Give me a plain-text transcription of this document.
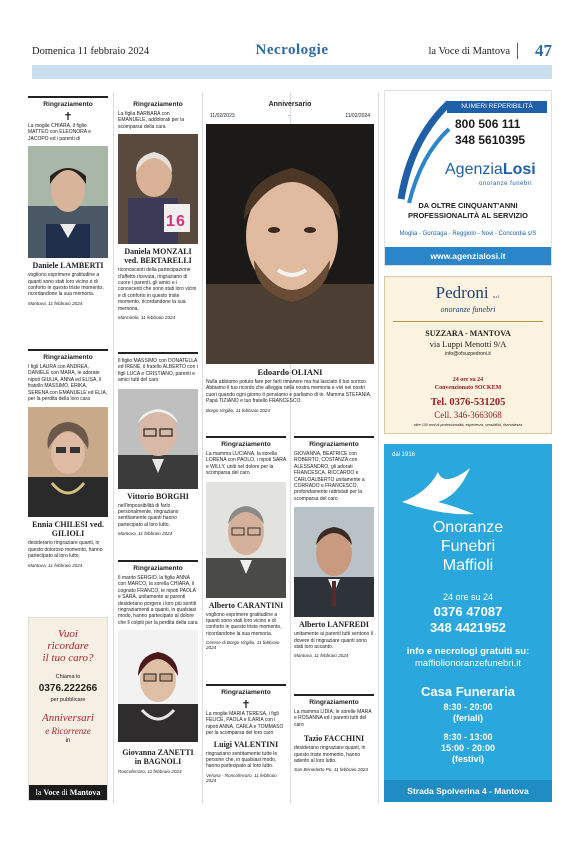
Domenica 11 febbraio 2024	Necrologie	la Voce di Mantova 47
Ringraziamento
✝
La moglie CHIARA, il figlio MATTEO con ELEONORA e JACOPO ed i parenti di
Daniele LAMBERTI
vogliono esprimere gratitudine a quanti sono stati loro vicino e di conforto in questo triste momento, ricordandone la sua memoria.
Mantova, 11 febbraio 2024
Ringraziamento
I figli LAURA con ANDREA, DANIELE con MARA, le adorate nipoti GIULIA, ANNA ed ELISA, il fratello MASSIMO, ERIKA, SERENA con EMANUELE ed ELIA, per la perdita della loro cara
Ennia CHILESI ved. GILIOLI
desiderano ringraziare quanti, in questo doloroso momento, hanno partecipato al loro lutto.
Mantova, 11 febbraio 2024
Vuoi
ricordare
il tuo caro?
Chiama lo
0376.222266
per pubblicare
Anniversari
e Ricorrenze
in
la Voce di Mantova
Ringraziamento
La figlia BARBARA con EMANUELE, addolorati per la scomparsa della cara
1 6
Daniela MONZALI ved. BERTARELLI
riconoscenti della partecipazione d'affetto ricevuta, ringraziano di cuore i parenti, gli amici e i conoscenti che sono stati loro vicini e di conforto in questo triste momento, ricordandone la sua memoria.
Marmirolo, 11 febbraio 2024
Il figlio MASSIMO con DONATELLA ed IRENE, il fratello ALBERTO con i figli LUCA e CRISTIANO, parenti e amici tutti del caro
Vittorio BORGHI
nell'impossibilità di farlo personalmente, ringraziano sentitamente quanti hanno partecipato al loro lutto.
Mantova, 11 febbraio 2024
Ringraziamento
Il marito SERGIO, la figlia ANNA con MARCO, la sorella CHIARA, il cognato FRANCO, le nipoti PAOLA e SARA, unitamente ai parenti desiderano porgere i loro più sentiti ringraziamenti a quanti, in qualsiasi modo, hanno partecipato al dolore che li colpiti per la perdita della cara
Giovanna ZANETTI in BAGNOLI
Roncoferraro, 11 febbraio 2024
Anniversario
11/02/2023	-	11/02/2024
Edoardo OLIANI
Nulla abbiamo potuto fare per farti rimanere ma hai lasciato il tuo sorriso. Abbiamo il tuo ricordo che alleggia nella nostra memoria e vivi nei nostri cuori quando ogni giorno ti pensiamo e parliamo di te. Mamma STEFANIA, Papà TIZIANO e tuo fratello FRANCESCO.
Borgo Virgilio, 11 febbraio 2024
Ringraziamento
La mamma LUCIANA, la sorella LORENA con PAOLO, i nipoti SARA e WILLY, uniti nel dolore per la scomparsa del caro
Alberto CARANTINI
vogliono esprimere gratitudine a quanti sono stati loro vicino e di conforto in questo triste momento, ricordandone la sua memoria.
Cerese di Borgo Virgilio, 11 febbraio 2024
Ringraziamento
✝
La moglie MARIA TERESA, i figli FELICE, PAOLA e ILARIA con i nipoti ANNA, CARLA e TOMMASO per la scomparsa del loro caro
Luigi VALENTINI
ringraziano sentitamente tutte le persone che, in qualsiasi modo, hanno partecipato al loro lutto.
Verona - Roncoferraro, 11 febbraio 2024
Ringraziamento
GIOVANNA, BEATRICE con ROBERTO, COSTANZA con ALESSANDRO, gli adorati FRANCESCA, RICCARDO e CARLOALBERTO unitamente a CORRADO e FRANCESCO, profondamente rattristati per la scomparsa del caro
Alberto LANFREDI
unitamente ai parenti tutti sentono il dovere di ringraziare quanti sono stati loro accanto.
Mantova, 11 febbraio 2024
Ringraziamento
La mamma LIDIA, le sorelle MARA e ROSANNA ed i parenti tutti del caro
Tazio FACCHINI
desiderano ringraziare quanti, in questo triste momento, hanno aderito al loro lutto.
San Benedetto Po, 11 febbraio 2024
NUMERI REPERIBILITÀ
800 506 111
348 5610395
AgenziaLosi
onoranze funebri
DA OLTRE CINQUANT'ANNI
PROFESSIONALITÀ AL SERVIZIO
Moglia - Gonzaga - Reggiolo - Novi - Concordia s/S
www.agenzialosi.it
Pedroni s.r.l.
onoranze funebri
SUZZARA - MANTOVA
via Luppi Menotti 9/A
info@ofsuzpedroni.it
24 ore su 24
Convenzionato SOCKEM
Tel. 0376-531205
Cell. 346-3663068
oltre 100 anni di professionalità, esperienza, sensibilità, riservatezza
dal 1916
Onoranze
Funebri
Maffioli
24 ore su 24
0376 47087
348 4421952
info e necrologi gratuiti su:
maffiolionoranzefunebri.it
Casa Funeraria
8:30 - 20:00
(feriali)
8:30 - 13:00
15:00 - 20:00
(festivi)
Strada Spolverina 4 - Mantova
